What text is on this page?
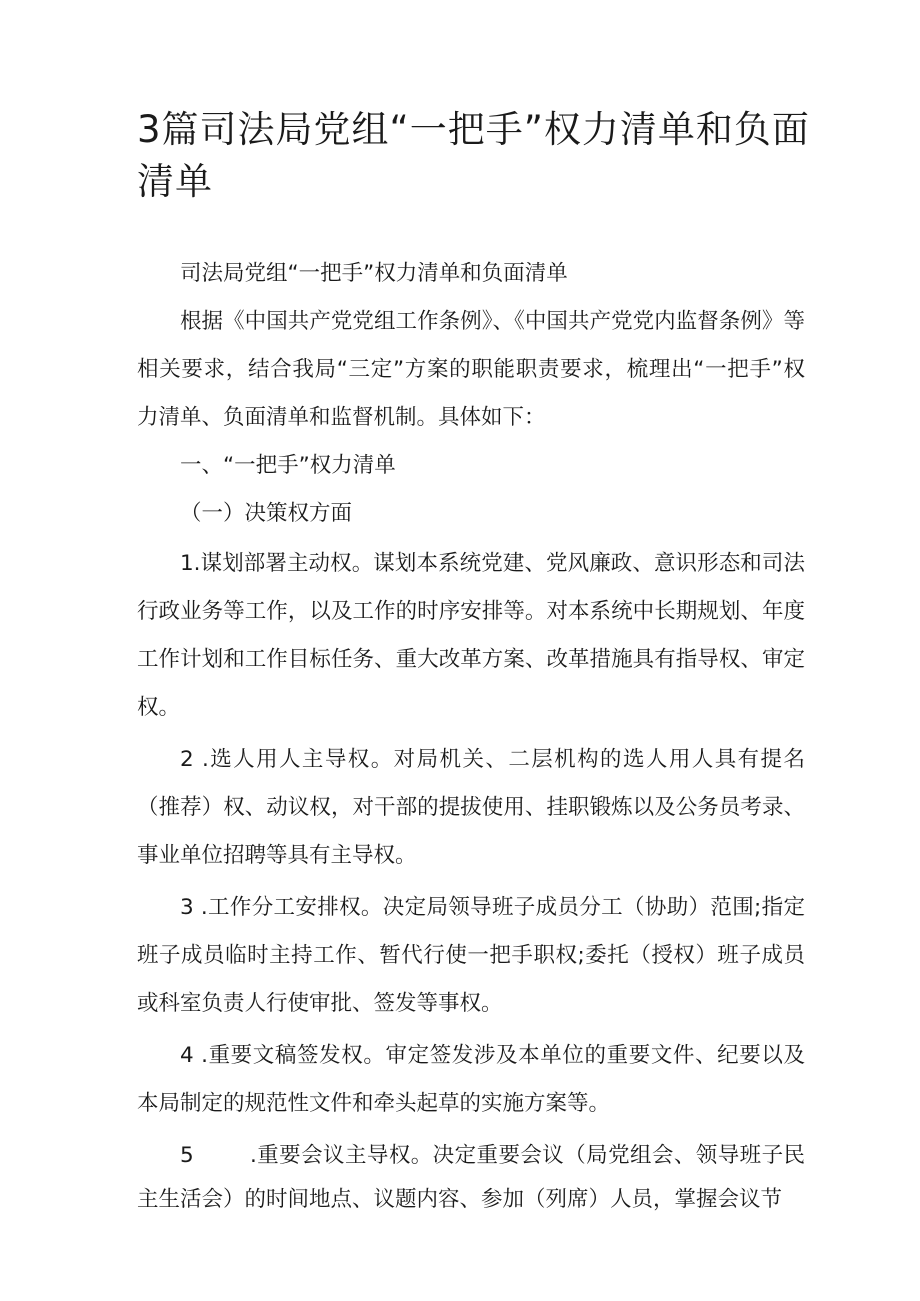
3篇司法局党组“一把手”权力清单和负面清单

司法局党组“一把手”权力清单和负面清单

根据《中国共产党党组工作条例》、《中国共产党党内监督条例》等相关要求，结合我局“三定”方案的职能职责要求，梳理出“一把手”权力清单、负面清单和监督机制。具体如下：

一、“一把手”权力清单

（一）决策权方面

1.谋划部署主动权。谋划本系统党建、党风廉政、意识形态和司法行政业务等工作，以及工作的时序安排等。对本系统中长期规划、年度工作计划和工作目标任务、重大改革方案、改革措施具有指导权、审定权。

2 .选人用人主导权。对局机关、二层机构的选人用人具有提名（推荐）权、动议权，对干部的提拔使用、挂职锻炼以及公务员考录、事业单位招聘等具有主导权。

3 .工作分工安排权。决定局领导班子成员分工（协助）范围;指定班子成员临时主持工作、暂代行使一把手职权;委托（授权）班子成员或科室负责人行使审批、签发等事权。

4 .重要文稿签发权。审定签发涉及本单位的重要文件、纪要以及本局制定的规范性文件和牵头起草的实施方案等。

5	.重要会议主导权。决定重要会议（局党组会、领导班子民主生活会）的时间地点、议题内容、参加（列席）人员，掌握会议节
